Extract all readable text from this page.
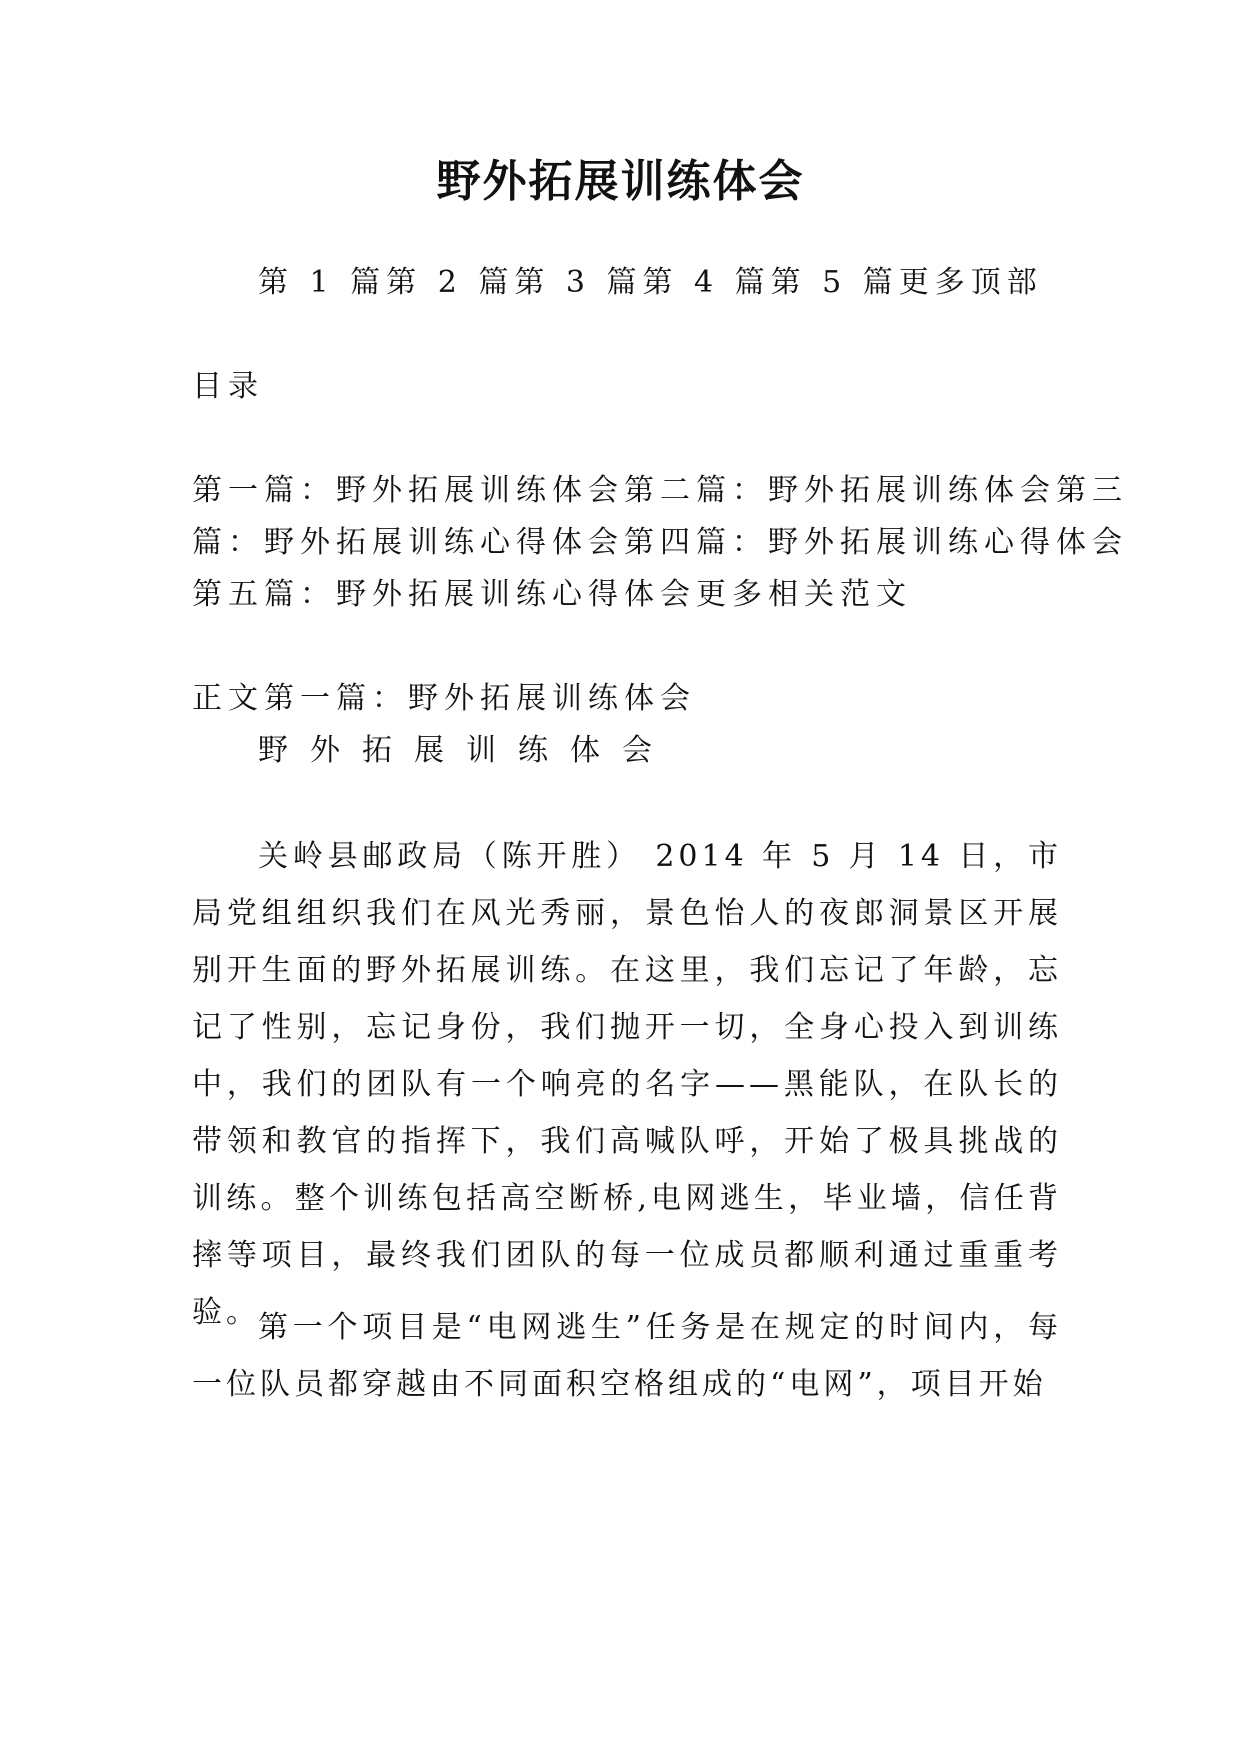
野外拓展训练体会
第 1 篇第 2 篇第 3 篇第 4 篇第 5 篇更多顶部
目录
第一篇：野外拓展训练体会第二篇：野外拓展训练体会第三
篇：野外拓展训练心得体会第四篇：野外拓展训练心得体会
第五篇：野外拓展训练心得体会更多相关范文
正文第一篇：野外拓展训练体会
野外拓展训练体会
关岭县邮政局（陈开胜） 2014 年 5 月 14 日，市局党组组织我们在风光秀丽，景色怡人的夜郎洞景区开展别开生面的野外拓展训练。在这里，我们忘记了年龄，忘记了性别，忘记身份，我们抛开一切，全身心投入到训练中，我们的团队有一个响亮的名字——黑能队，在队长的带领和教官的指挥下，我们高喊队呼，开始了极具挑战的训练。整个训练包括高空断桥,电网逃生，毕业墙，信任背摔等项目，最终我们团队的每一位成员都顺利通过重重考验。
第一个项目是“电网逃生”任务是在规定的时间内，每一位队员都穿越由不同面积空格组成的“电网”，项目开始
